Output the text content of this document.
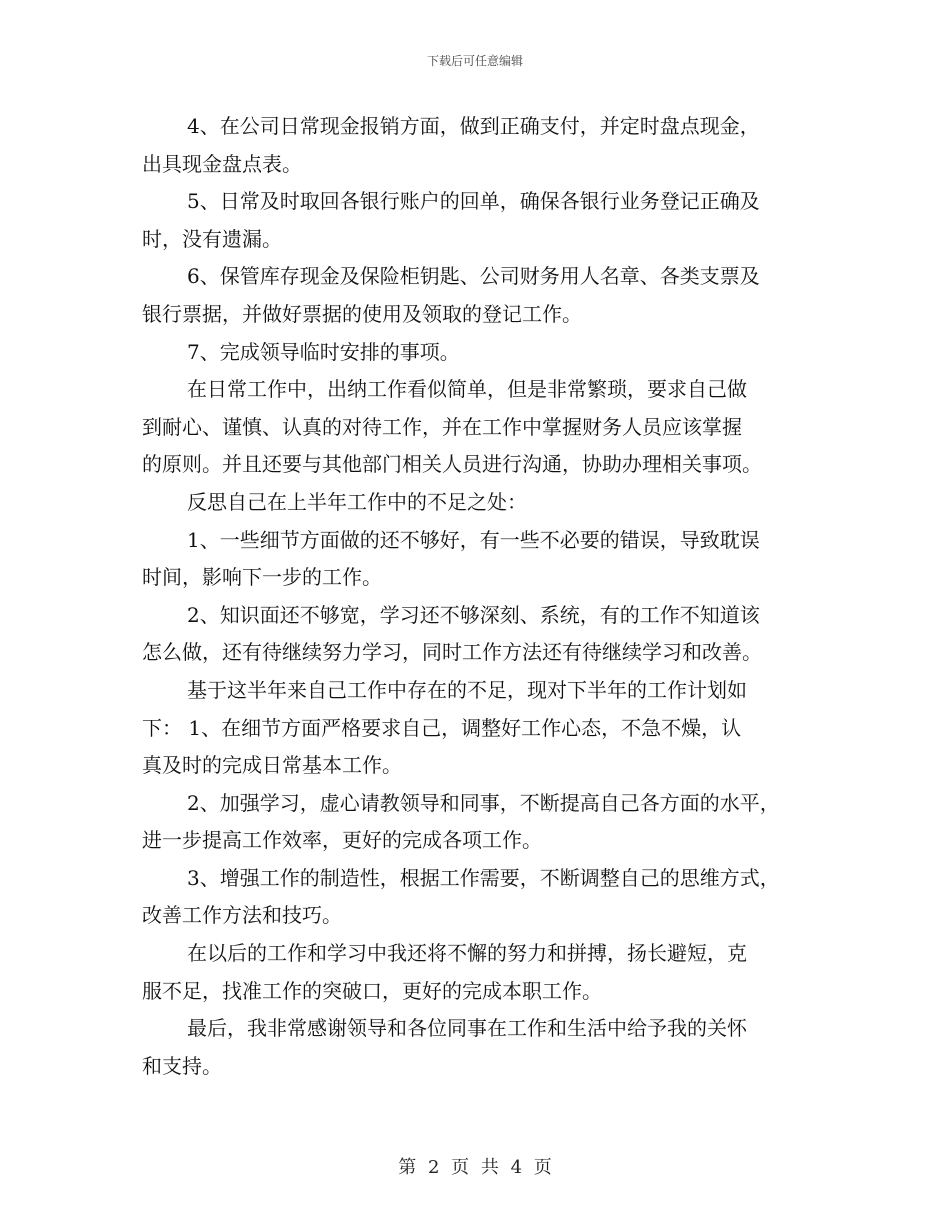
下载后可任意编辑
4、在公司日常现金报销方面，做到正确支付，并定时盘点现金，
出具现金盘点表。
5、日常及时取回各银行账户的回单，确保各银行业务登记正确及
时，没有遗漏。
6、保管库存现金及保险柜钥匙、公司财务用人名章、各类支票及
银行票据，并做好票据的使用及领取的登记工作。
7、完成领导临时安排的事项。
在日常工作中，出纳工作看似简单，但是非常繁琐，要求自己做
到耐心、谨慎、认真的对待工作，并在工作中掌握财务人员应该掌握
的原则。并且还要与其他部门相关人员进行沟通，协助办理相关事项。
反思自己在上半年工作中的不足之处：
1、一些细节方面做的还不够好，有一些不必要的错误，导致耽误
时间，影响下一步的工作。
2、知识面还不够宽，学习还不够深刻、系统，有的工作不知道该
怎么做，还有待继续努力学习，同时工作方法还有待继续学习和改善。
基于这半年来自己工作中存在的不足，现对下半年的工作计划如
下： 1、在细节方面严格要求自己，调整好工作心态，不急不燥，认
真及时的完成日常基本工作。
2、加强学习，虚心请教领导和同事，不断提高自己各方面的水平，
进一步提高工作效率，更好的完成各项工作。
3、增强工作的制造性，根据工作需要，不断调整自己的思维方式，
改善工作方法和技巧。
在以后的工作和学习中我还将不懈的努力和拼搏，扬长避短，克
服不足，找准工作的突破口，更好的完成本职工作。
最后，我非常感谢领导和各位同事在工作和生活中给予我的关怀
和支持。
第 2 页 共 4 页
